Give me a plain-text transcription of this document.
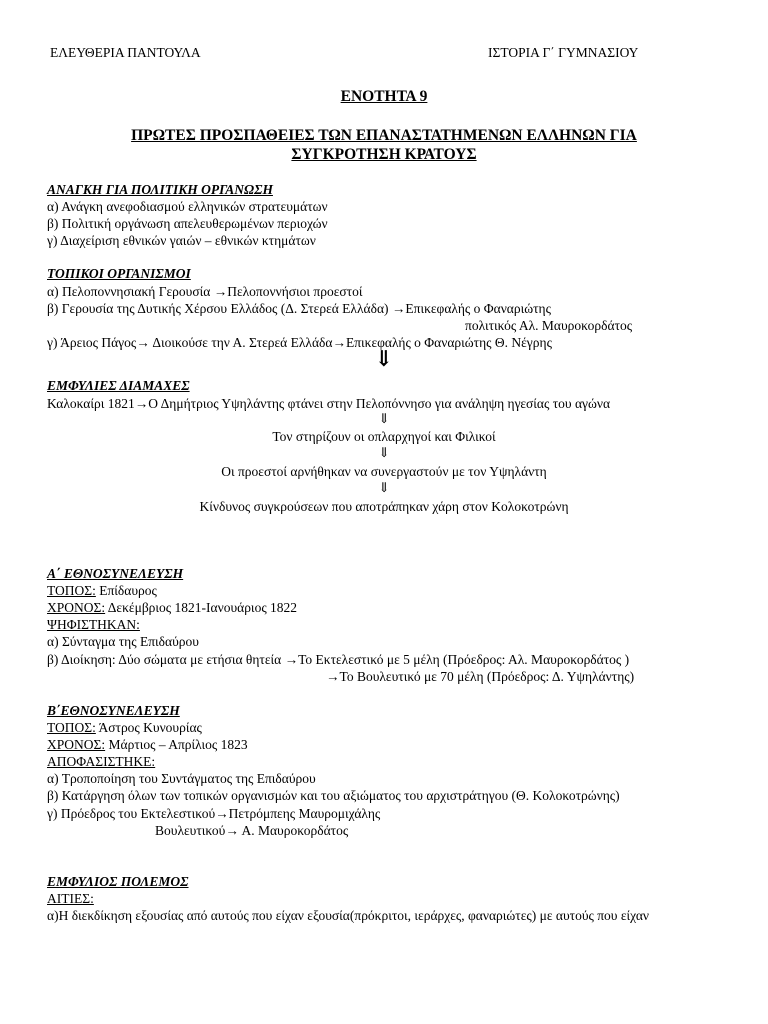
ΕΛΕΥΘΕΡΙΑ ΠΑΝΤΟΥΛΑ	ΙΣΤΟΡΙΑ Γ΄ ΓΥΜΝΑΣΙΟΥ
ΕΝΟΤΗΤΑ 9
ΠΡΩΤΕΣ ΠΡΟΣΠΑΘΕΙΕΣ ΤΩΝ ΕΠΑΝΑΣΤΑΤΗΜΕΝΩΝ ΕΛΛΗΝΩΝ ΓΙΑ
ΣΥΓΚΡΟΤΗΣΗ ΚΡΑΤΟΥΣ
ΑΝΑΓΚΗ ΓΙΑ ΠΟΛΙΤΙΚΗ ΟΡΓΑΝΩΣΗ
α) Ανάγκη ανεφοδιασμού ελληνικών στρατευμάτων
β) Πολιτική οργάνωση απελευθερωμένων περιοχών
γ) Διαχείριση εθνικών γαιών – εθνικών κτημάτων
ΤΟΠΙΚΟΙ ΟΡΓΑΝΙΣΜΟΙ
α) Πελοποννησιακή Γερουσία →Πελοποννήσιοι προεστοί
β) Γερουσία της Δυτικής Χέρσου Ελλάδος (Δ. Στερεά Ελλάδα) →Επικεφαλής ο Φαναριώτης
πολιτικός Αλ. Μαυροκορδάτος
γ) Άρειος Πάγος→ Διοικούσε την Α. Στερεά Ελλάδα→Επικεφαλής ο Φαναριώτης Θ. Νέγρης
⇓
ΕΜΦΥΛΙΕΣ ΔΙΑΜΑΧΕΣ
Καλοκαίρι 1821→Ο Δημήτριος Υψηλάντης φτάνει στην Πελοπόννησο για ανάληψη ηγεσίας του αγώνα
⇓
Τον στηρίζουν οι οπλαρχηγοί και Φιλικοί
⇓
Οι προεστοί αρνήθηκαν να συνεργαστούν με τον Υψηλάντη
⇓
Κίνδυνος συγκρούσεων που αποτράπηκαν χάρη στον Κολοκοτρώνη
Α΄ ΕΘΝΟΣΥΝΕΛΕΥΣΗ
ΤΟΠΟΣ: Επίδαυρος
ΧΡΟΝΟΣ: Δεκέμβριος 1821-Ιανουάριος 1822
ΨΗΦΙΣΤΗΚΑΝ:
α) Σύνταγμα της Επιδαύρου
β) Διοίκηση: Δύο σώματα με ετήσια θητεία →Το Εκτελεστικό με 5 μέλη (Πρόεδρος: Αλ. Μαυροκορδάτος )
→Το Βουλευτικό με 70 μέλη (Πρόεδρος: Δ. Υψηλάντης)
Β΄ΕΘΝΟΣΥΝΕΛΕΥΣΗ
ΤΟΠΟΣ: Άστρος Κυνουρίας
ΧΡΟΝΟΣ: Μάρτιος – Απρίλιος 1823
ΑΠΟΦΑΣΙΣΤΗΚΕ:
α) Τροποποίηση του Συντάγματος της Επιδαύρου
β) Κατάργηση όλων των τοπικών οργανισμών και του αξιώματος του αρχιστράτηγου (Θ. Κολοκοτρώνης)
γ) Πρόεδρος του Εκτελεστικού→Πετρόμπεης Μαυρομιχάλης
Βουλευτικού→ Α. Μαυροκορδάτος
ΕΜΦΥΛΙΟΣ ΠΟΛΕΜΟΣ
ΑΙΤΙΕΣ:
α)Η διεκδίκηση εξουσίας από αυτούς που είχαν εξουσία(πρόκριτοι, ιεράρχες, φαναριώτες) με αυτούς που είχαν
